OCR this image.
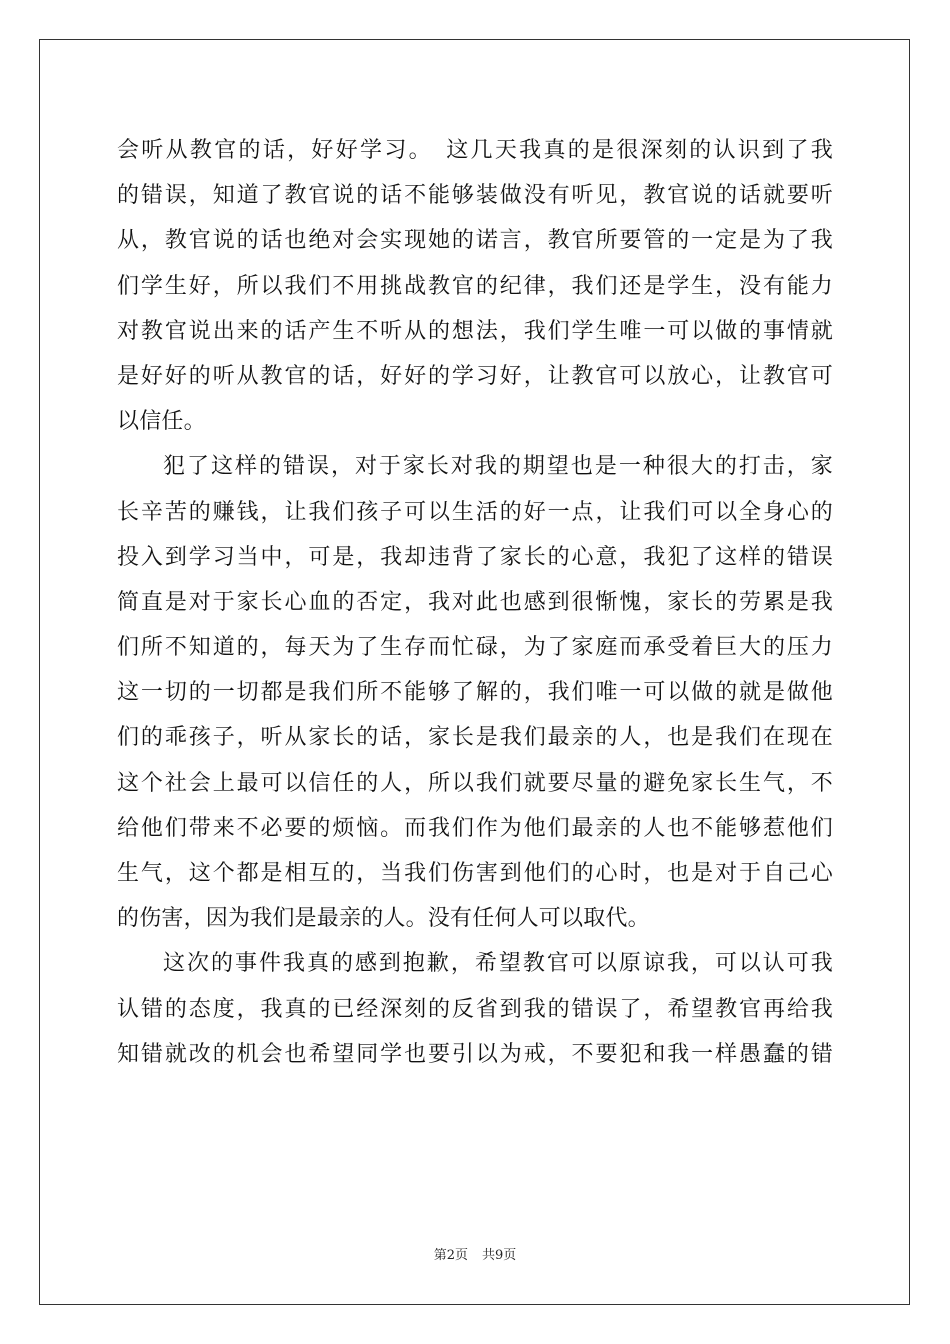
会听从教官的话，好好学习。　这几天我真的是很深刻的认识到了我
的错误，知道了教官说的话不能够装做没有听见，教官说的话就要听
从，教官说的话也绝对会实现她的诺言，教官所要管的一定是为了我
们学生好，所以我们不用挑战教官的纪律，我们还是学生，没有能力
对教官说出来的话产生不听从的想法，我们学生唯一可以做的事情就
是好好的听从教官的话，好好的学习好，让教官可以放心，让教官可
以信任。
犯了这样的错误，对于家长对我的期望也是一种很大的打击，家
长辛苦的赚钱，让我们孩子可以生活的好一点，让我们可以全身心的
投入到学习当中，可是，我却违背了家长的心意，我犯了这样的错误
简直是对于家长心血的否定，我对此也感到很惭愧，家长的劳累是我
们所不知道的，每天为了生存而忙碌，为了家庭而承受着巨大的压力
这一切的一切都是我们所不能够了解的，我们唯一可以做的就是做他
们的乖孩子，听从家长的话，家长是我们最亲的人，也是我们在现在
这个社会上最可以信任的人，所以我们就要尽量的避免家长生气，不
给他们带来不必要的烦恼。而我们作为他们最亲的人也不能够惹他们
生气，这个都是相互的，当我们伤害到他们的心时，也是对于自己心
的伤害，因为我们是最亲的人。没有任何人可以取代。
这次的事件我真的感到抱歉，希望教官可以原谅我，可以认可我
认错的态度，我真的已经深刻的反省到我的错误了，希望教官再给我
知错就改的机会也希望同学也要引以为戒，不要犯和我一样愚蠢的错
第2页 共9页
